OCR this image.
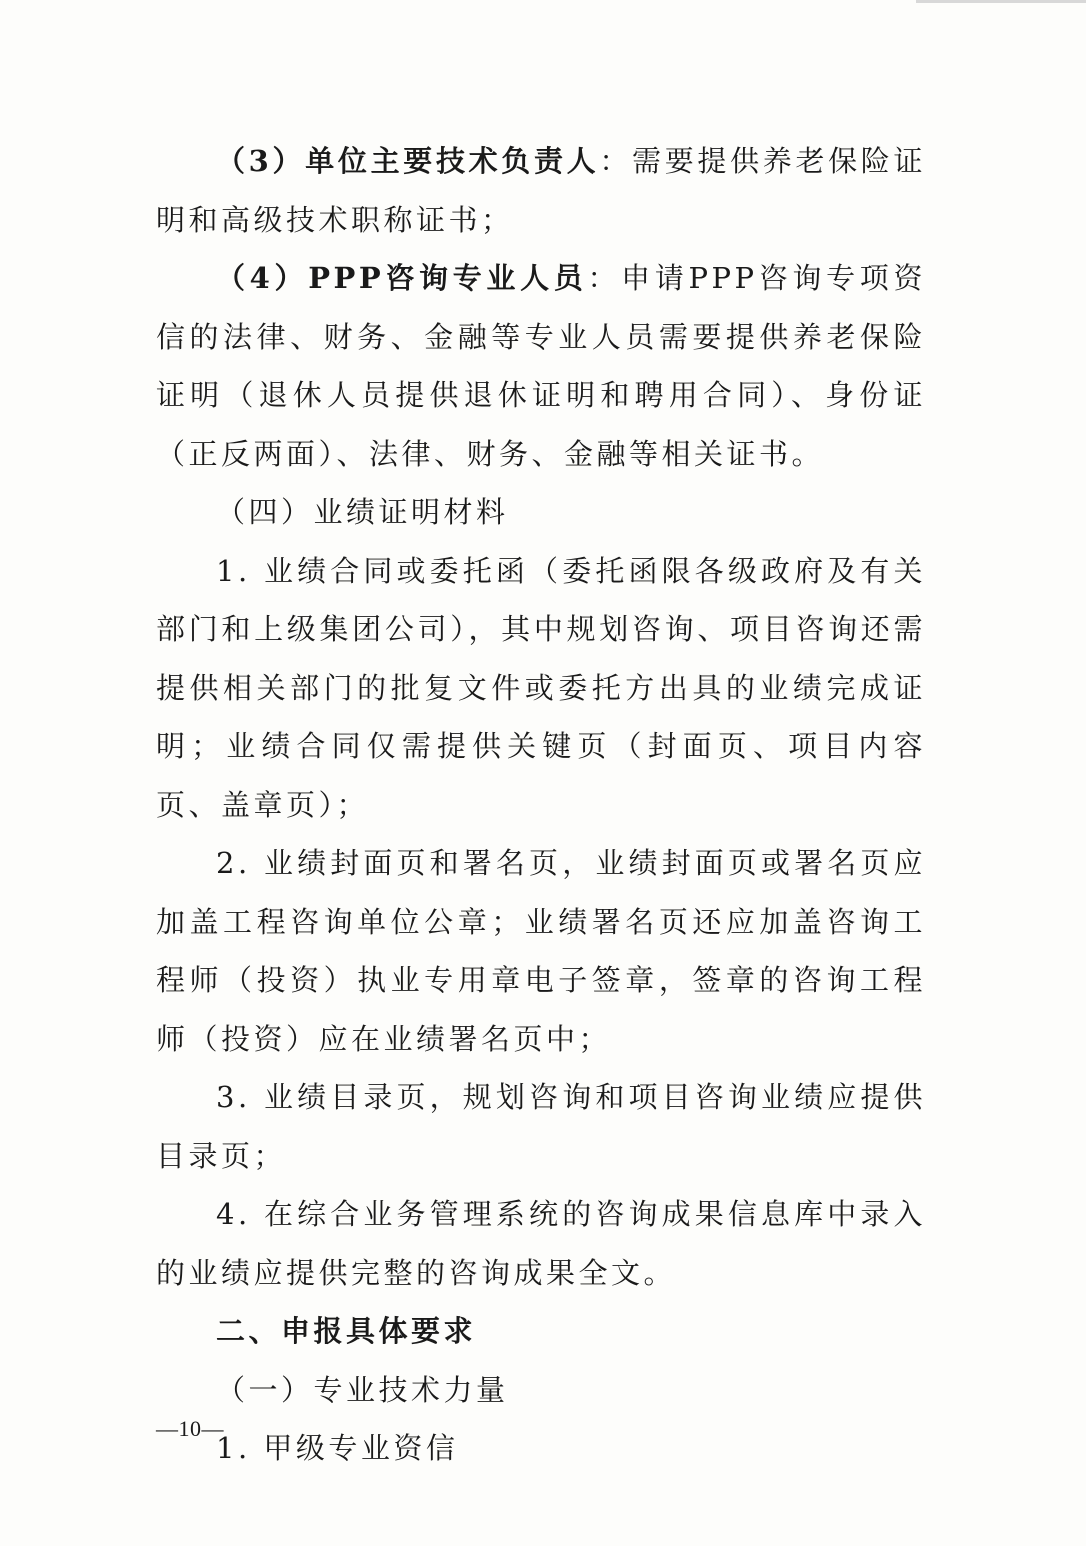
（3）单位主要技术负责人：需要提供养老保险证明和高级技术职称证书；

（4）PPP咨询专业人员：申请PPP咨询专项资信的法律、财务、金融等专业人员需要提供养老保险证明（退休人员提供退休证明和聘用合同）、身份证（正反两面）、法律、财务、金融等相关证书。

（四）业绩证明材料

1. 业绩合同或委托函（委托函限各级政府及有关部门和上级集团公司），其中规划咨询、项目咨询还需提供相关部门的批复文件或委托方出具的业绩完成证明；业绩合同仅需提供关键页（封面页、项目内容页、盖章页）；

2. 业绩封面页和署名页，业绩封面页或署名页应加盖工程咨询单位公章；业绩署名页还应加盖咨询工程师（投资）执业专用章电子签章，签章的咨询工程师（投资）应在业绩署名页中；

3. 业绩目录页，规划咨询和项目咨询业绩应提供目录页；

4. 在综合业务管理系统的咨询成果信息库中录入的业绩应提供完整的咨询成果全文。

二、申报具体要求

（一）专业技术力量

1. 甲级专业资信

—10—
